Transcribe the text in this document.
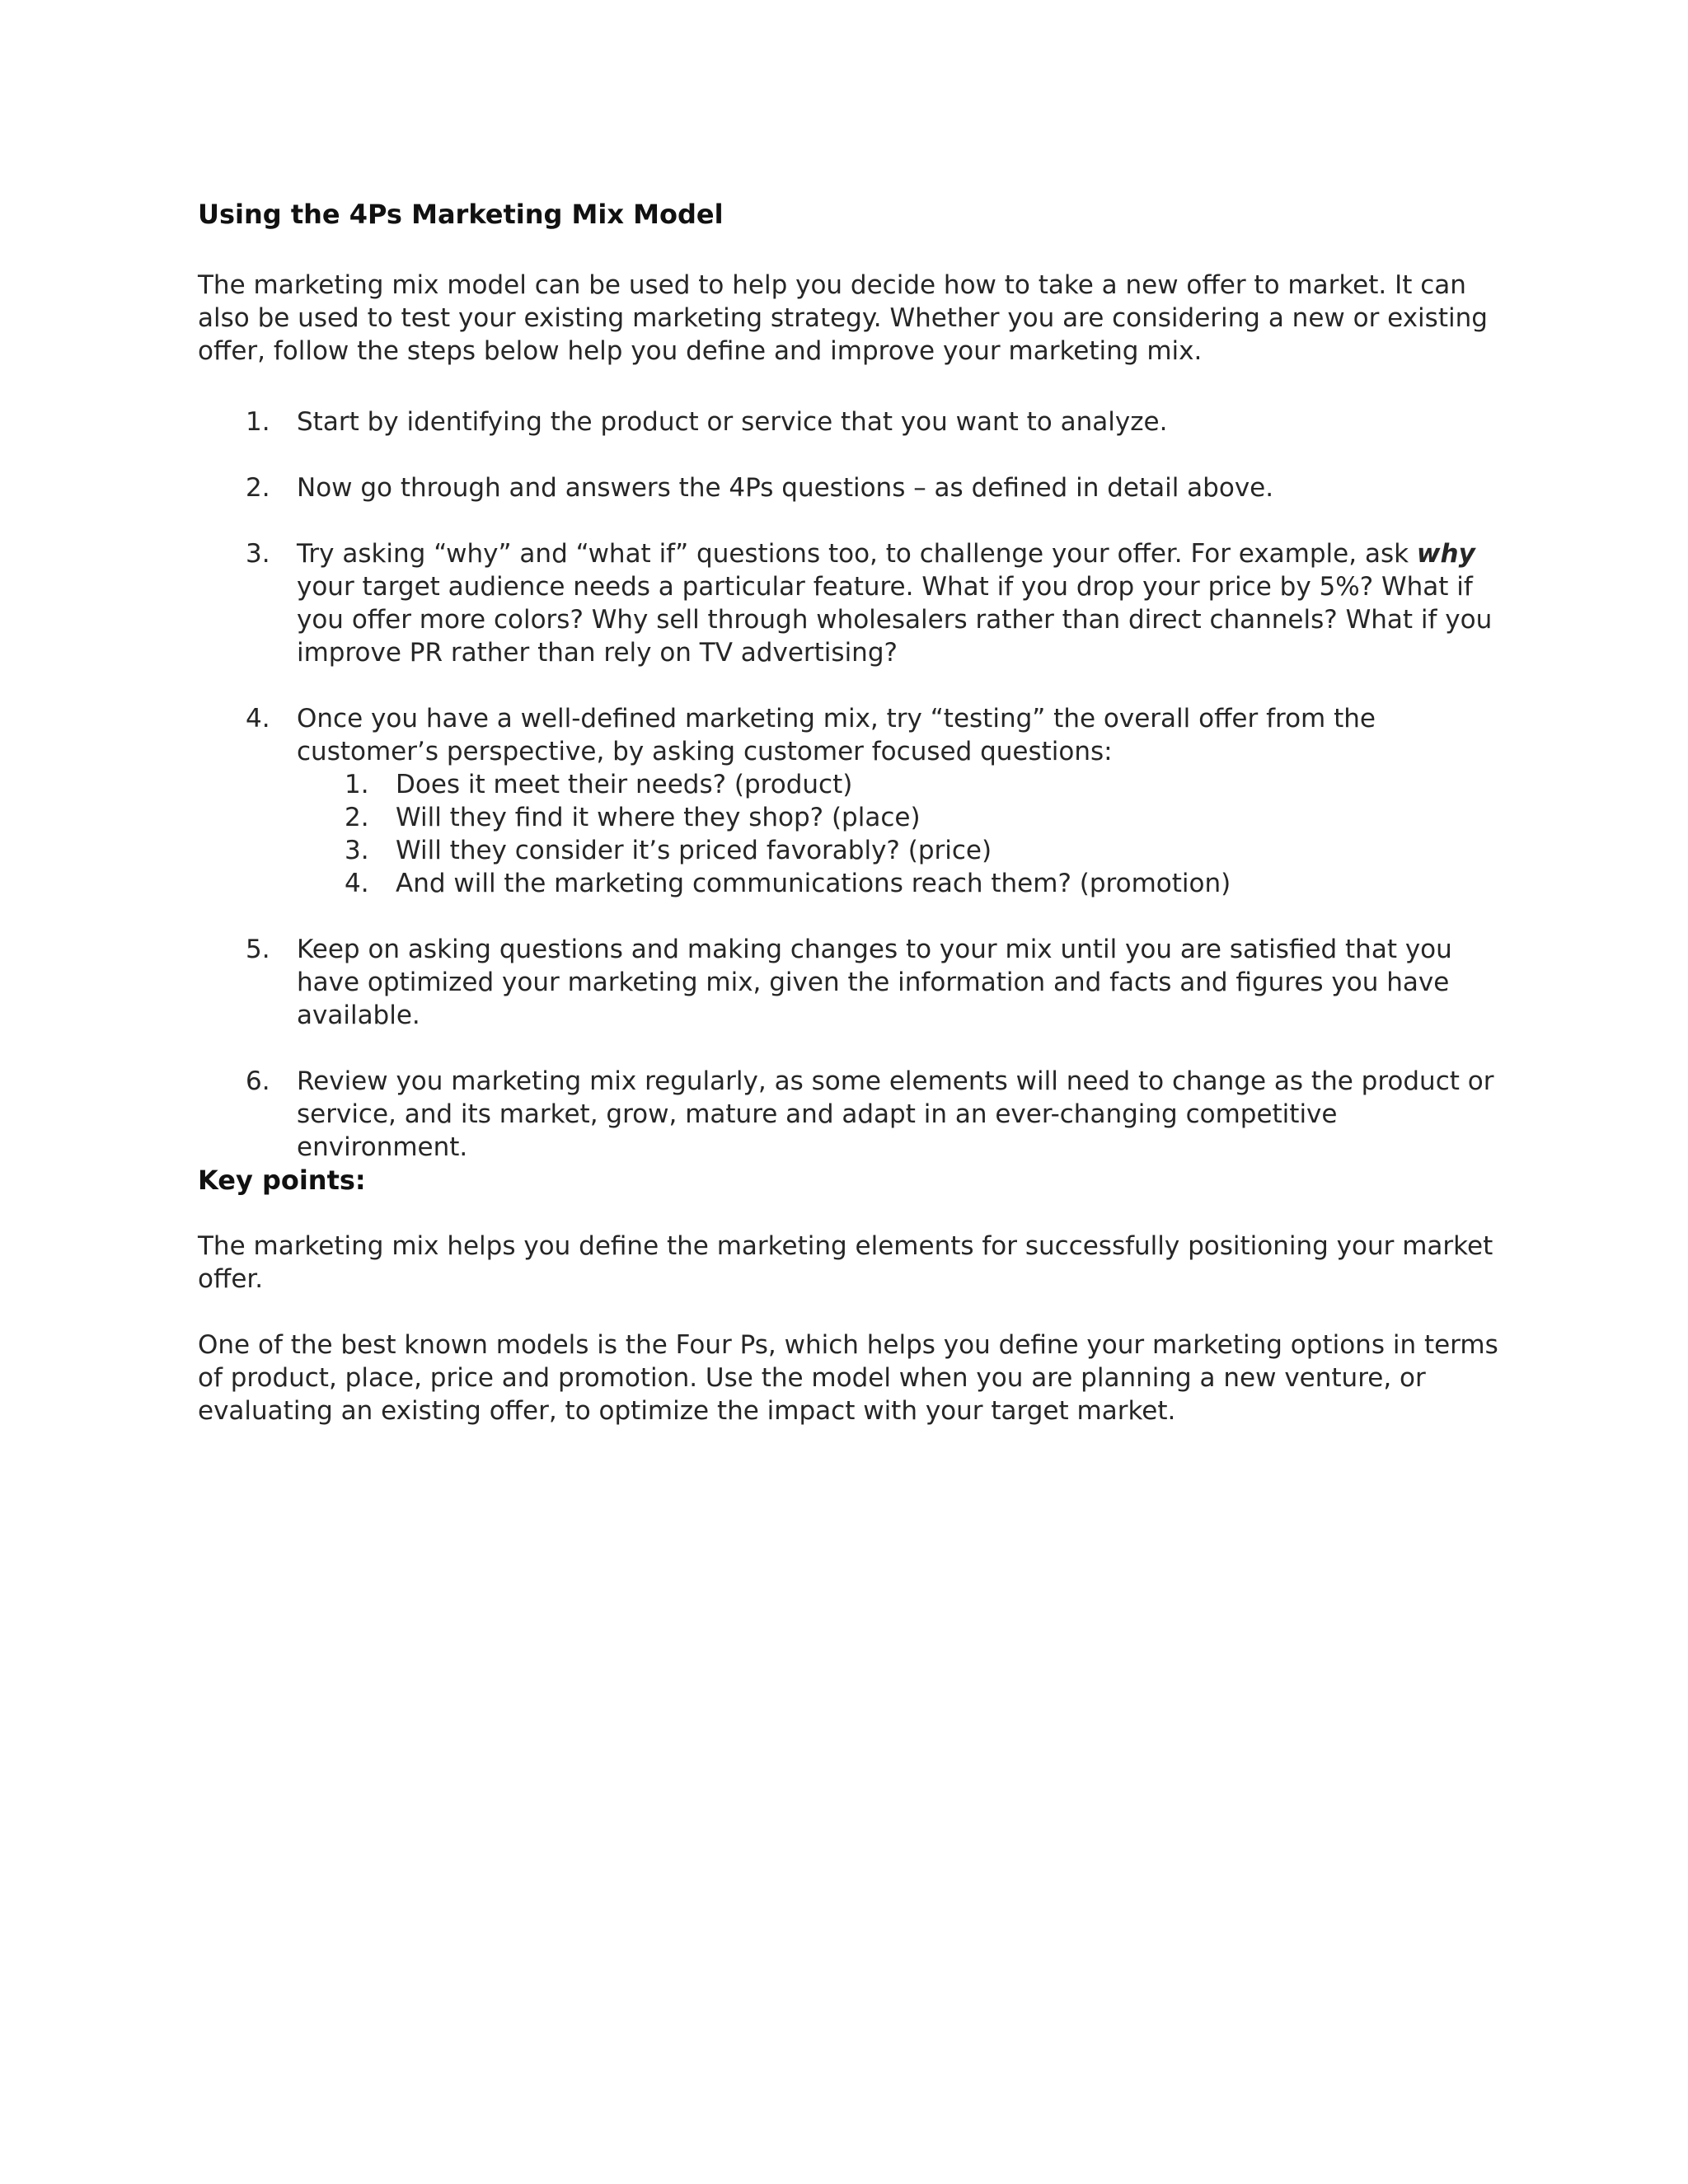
Using the 4Ps Marketing Mix Model

The marketing mix model can be used to help you decide how to take a new offer to market. It can also be used to test your existing marketing strategy. Whether you are considering a new or existing offer, follow the steps below help you define and improve your marketing mix.

1. Start by identifying the product or service that you want to analyze.
2. Now go through and answers the 4Ps questions – as defined in detail above.
3. Try asking “why” and “what if” questions too, to challenge your offer. For example, ask why your target audience needs a particular feature. What if you drop your price by 5%? What if you offer more colors? Why sell through wholesalers rather than direct channels? What if you improve PR rather than rely on TV advertising?
4. Once you have a well-defined marketing mix, try “testing” the overall offer from the customer’s perspective, by asking customer focused questions:
1. Does it meet their needs? (product)
2. Will they find it where they shop? (place)
3. Will they consider it’s priced favorably? (price)
4. And will the marketing communications reach them? (promotion)
5. Keep on asking questions and making changes to your mix until you are satisfied that you have optimized your marketing mix, given the information and facts and figures you have available.
6. Review you marketing mix regularly, as some elements will need to change as the product or service, and its market, grow, mature and adapt in an ever-changing competitive environment.
Key points:

The marketing mix helps you define the marketing elements for successfully positioning your market offer.

One of the best known models is the Four Ps, which helps you define your marketing options in terms of product, place, price and promotion. Use the model when you are planning a new venture, or evaluating an existing offer, to optimize the impact with your target market.
